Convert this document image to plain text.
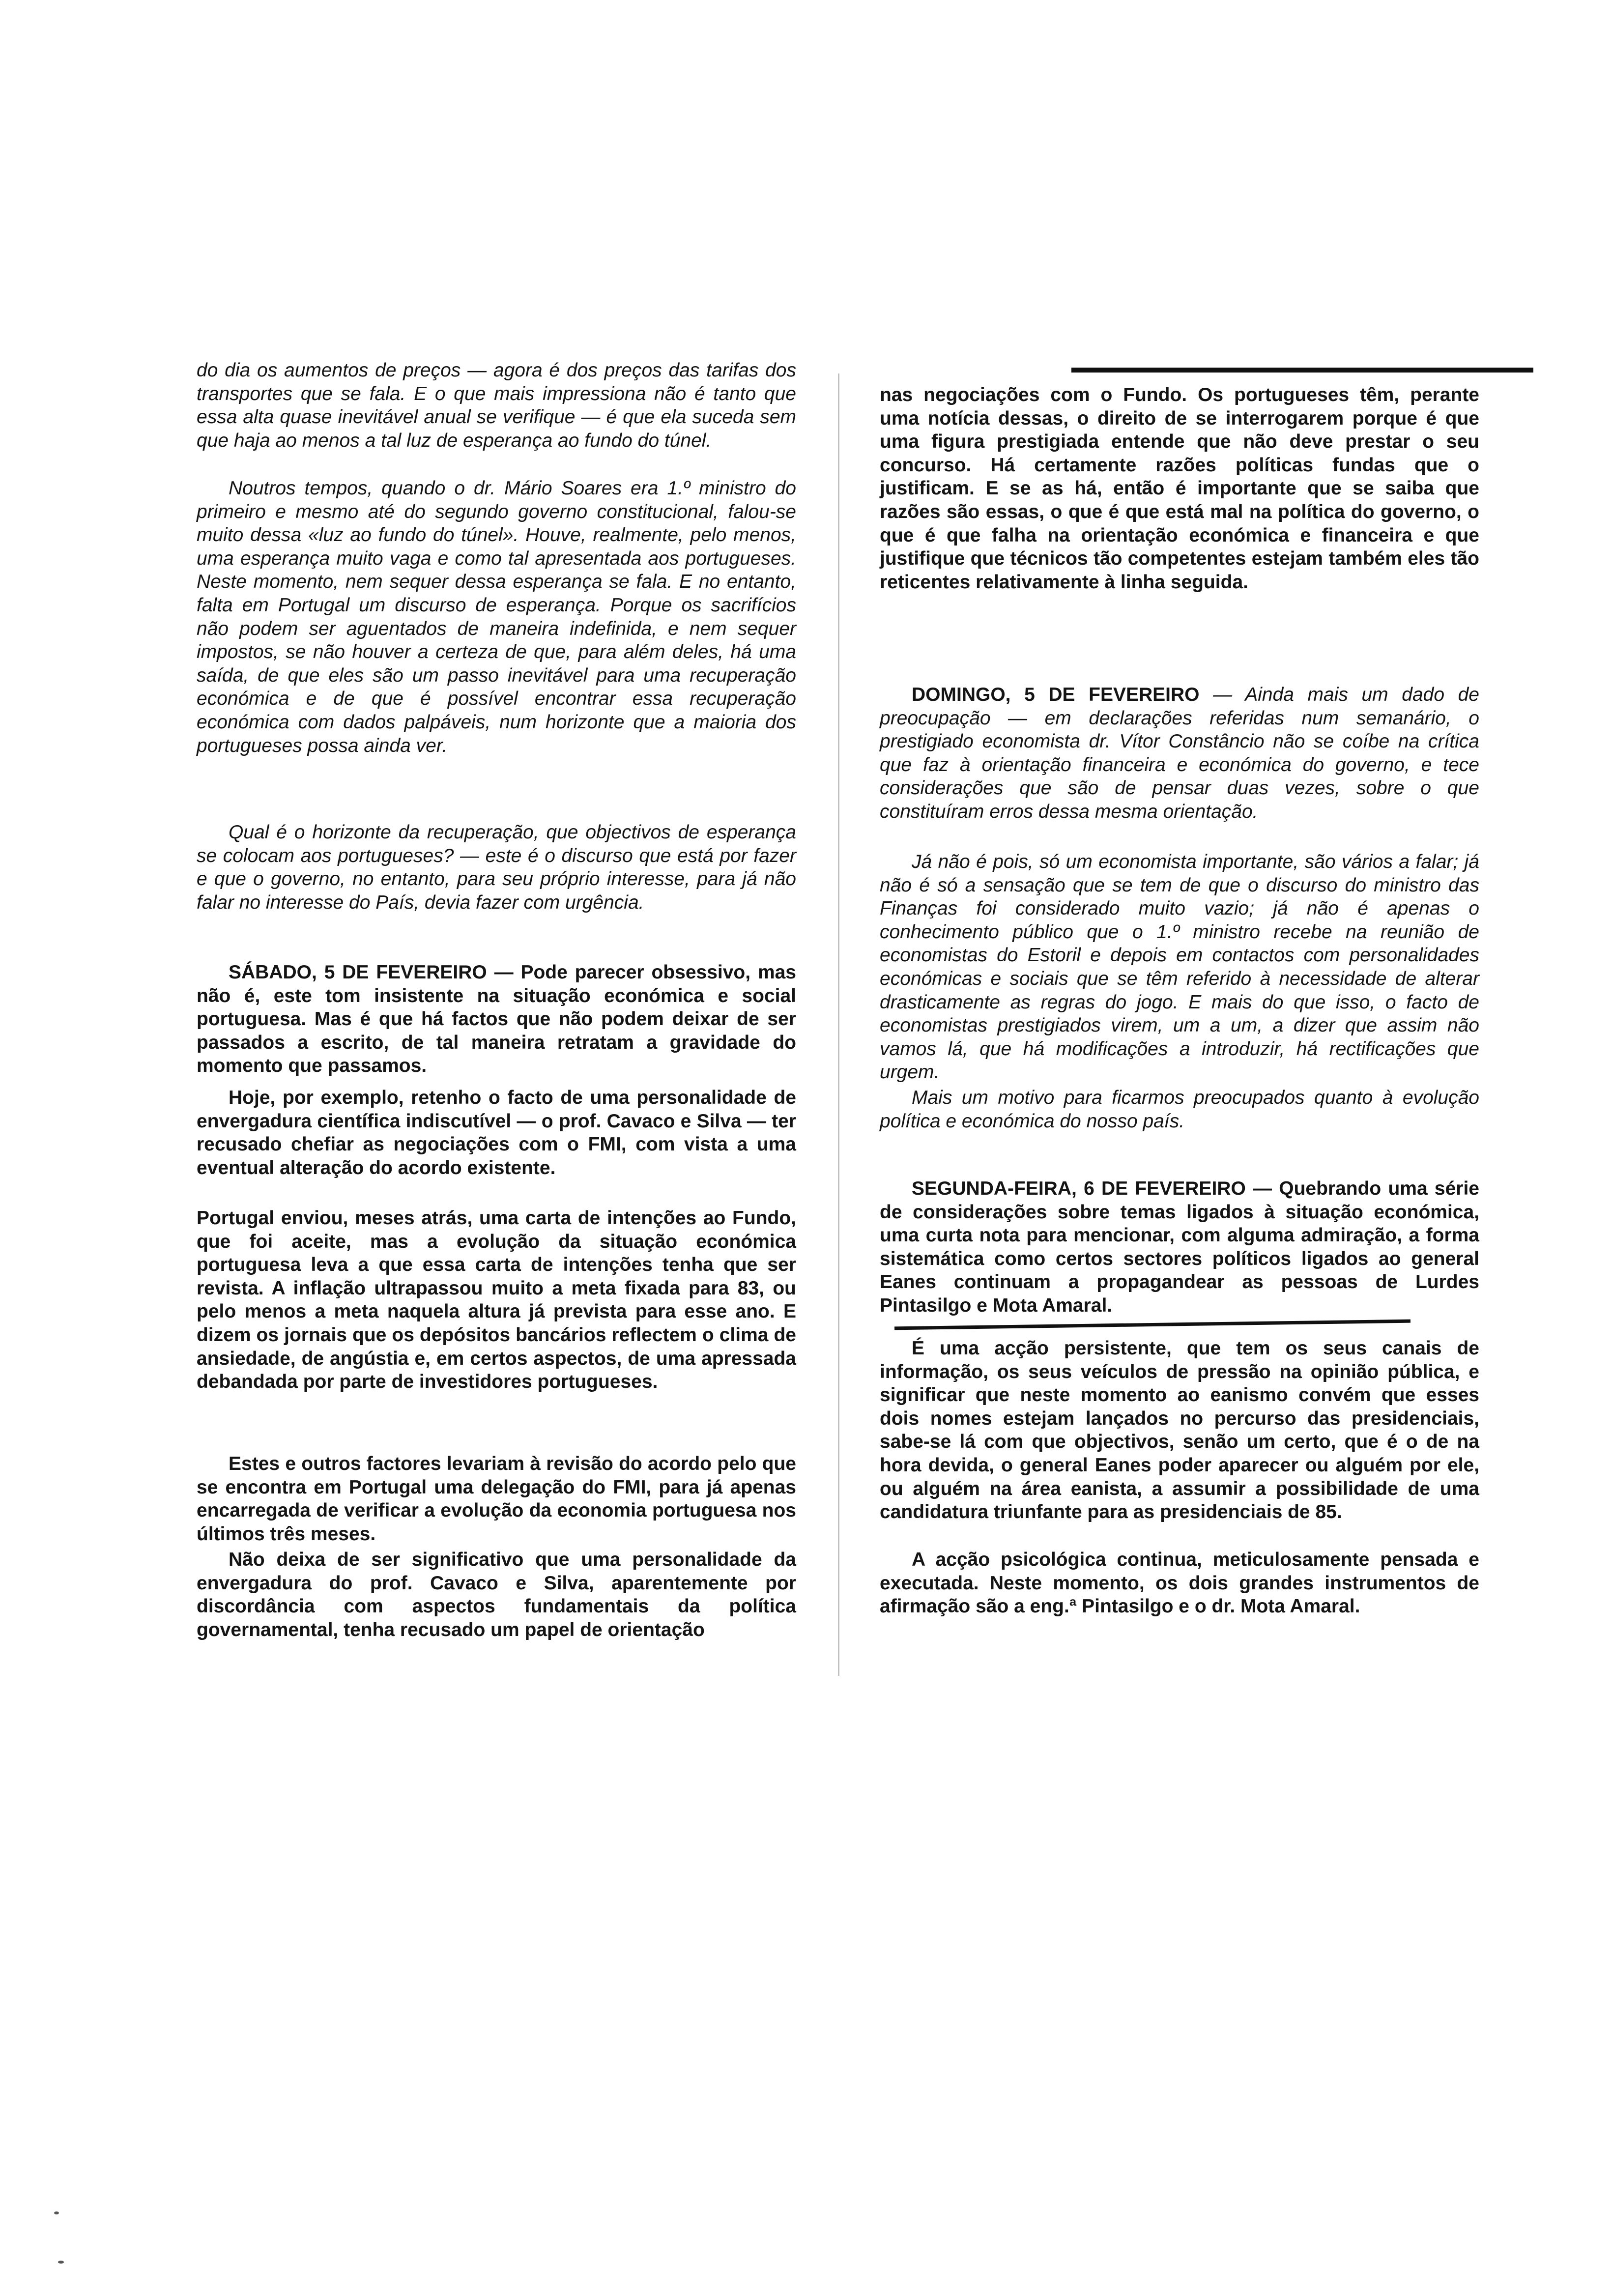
do dia os aumentos de preços — agora é dos preços das tarifas dos transportes que se fala. E o que mais impressiona não é tanto que essa alta quase inevitável anual se verifique — é que ela suceda sem que haja ao menos a tal luz de esperança ao fundo do túnel.

Noutros tempos, quando o dr. Mário Soares era 1.º ministro do primeiro e mesmo até do segundo governo constitucional, falou-se muito dessa «luz ao fundo do túnel». Houve, realmente, pelo menos, uma esperança muito vaga e como tal apresentada aos portugueses. Neste momento, nem sequer dessa esperança se fala. E no entanto, falta em Portugal um discurso de esperança. Porque os sacrifícios não podem ser aguentados de maneira indefinida, e nem sequer impostos, se não houver a certeza de que, para além deles, há uma saída, de que eles são um passo inevitável para uma recuperação económica e de que é possível encontrar essa recuperação económica com dados palpáveis, num horizonte que a maioria dos portugueses possa ainda ver.

Qual é o horizonte da recuperação, que objectivos de esperança se colocam aos portugueses? — este é o discurso que está por fazer e que o governo, no entanto, para seu próprio interesse, para já não falar no interesse do País, devia fazer com urgência.

SÁBADO, 5 DE FEVEREIRO — Pode parecer obsessivo, mas não é, este tom insistente na situação económica e social portuguesa. Mas é que há factos que não podem deixar de ser passados a escrito, de tal maneira retratam a gravidade do momento que passamos.

Hoje, por exemplo, retenho o facto de uma personalidade de envergadura científica indiscutível — o prof. Cavaco e Silva — ter recusado chefiar as negociações com o FMI, com vista a uma eventual alteração do acordo existente.

Portugal enviou, meses atrás, uma carta de intenções ao Fundo, que foi aceite, mas a evolução da situação económica portuguesa leva a que essa carta de intenções tenha que ser revista. A inflação ultrapassou muito a meta fixada para 83, ou pelo menos a meta naquela altura já prevista para esse ano. E dizem os jornais que os depósitos bancários reflectem o clima de ansiedade, de angústia e, em certos aspectos, de uma apressada debandada por parte de investidores portugueses.

Estes e outros factores levariam à revisão do acordo pelo que se encontra em Portugal uma delegação do FMI, para já apenas encarregada de verificar a evolução da economia portuguesa nos últimos três meses.

Não deixa de ser significativo que uma personalidade da envergadura do prof. Cavaco e Silva, aparentemente por discordância com aspectos fundamentais da política governamental, tenha recusado um papel de orientação

nas negociações com o Fundo. Os portugueses têm, perante uma notícia dessas, o direito de se interrogarem porque é que uma figura prestigiada entende que não deve prestar o seu concurso. Há certamente razões políticas fundas que o justificam. E se as há, então é importante que se saiba que razões são essas, o que é que está mal na política do governo, o que é que falha na orientação económica e financeira e que justifique que técnicos tão competentes estejam também eles tão reticentes relativamente à linha seguida.

DOMINGO, 5 DE FEVEREIRO — Ainda mais um dado de preocupação — em declarações referidas num semanário, o prestigiado economista dr. Vítor Constâncio não se coíbe na crítica que faz à orientação financeira e económica do governo, e tece considerações que são de pensar duas vezes, sobre o que constituíram erros dessa mesma orientação.

Já não é pois, só um economista importante, são vários a falar; já não é só a sensação que se tem de que o discurso do ministro das Finanças foi considerado muito vazio; já não é apenas o conhecimento público que o 1.º ministro recebe na reunião de economistas do Estoril e depois em contactos com personalidades económicas e sociais que se têm referido à necessidade de alterar drasticamente as regras do jogo. E mais do que isso, o facto de economistas prestigiados virem, um a um, a dizer que assim não vamos lá, que há modificações a introduzir, há rectificações que urgem.

Mais um motivo para ficarmos preocupados quanto à evolução política e económica do nosso país.

SEGUNDA-FEIRA, 6 DE FEVEREIRO — Quebrando uma série de considerações sobre temas ligados à situação económica, uma curta nota para mencionar, com alguma admiração, a forma sistemática como certos sectores políticos ligados ao general Eanes continuam a propagandear as pessoas de Lurdes Pintasilgo e Mota Amaral.

É uma acção persistente, que tem os seus canais de informação, os seus veículos de pressão na opinião pública, e significar que neste momento ao eanismo convém que esses dois nomes estejam lançados no percurso das presidenciais, sabe-se lá com que objectivos, senão um certo, que é o de na hora devida, o general Eanes poder aparecer ou alguém por ele, ou alguém na área eanista, a assumir a possibilidade de uma candidatura triunfante para as presidenciais de 85.

A acção psicológica continua, meticulosamente pensada e executada. Neste momento, os dois grandes instrumentos de afirmação são a eng.ª Pintasilgo e o dr. Mota Amaral.
